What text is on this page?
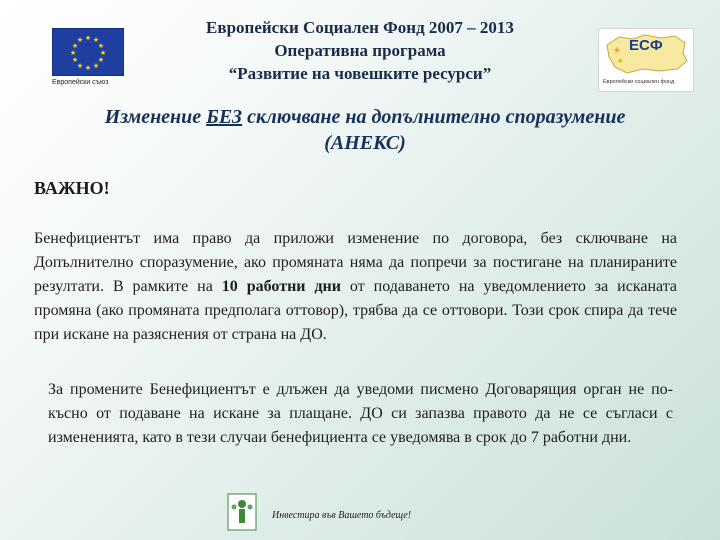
★ ★
★
★
★
★
★
★
★
★
★
★
Европейски съюз
Европейски Социален Фонд 2007 – 2013
Оперативна програма
“Развитие на човешките ресурси”
★
★
ЕСФ
Европейски социален фонд
Изменение БЕЗ сключване на допълнително споразумение
(АНЕКС)
ВАЖНО!
Бенефициентът има право да приложи изменение по договора, без сключване на Допълнително споразумение, ако промяната няма да попречи за постигане на планираните резултати. В рамките на 10 работни дни от подаването на уведомлението за исканата промяна (ако промяната предполага оттовор), трябва да се оттовори. Този срок спира да тече при искане на разяснения от страна на ДО.
За промените Бенефициентът е длъжен да уведоми писмено Договарящия орган не по-късно от подаване на искане за плащане. ДО си запазва правото да не се съгласи с измененията, като в тези случаи бенефициента се уведомява в срок до 7 работни дни.
Инвестира във Вашето бъдеще!
